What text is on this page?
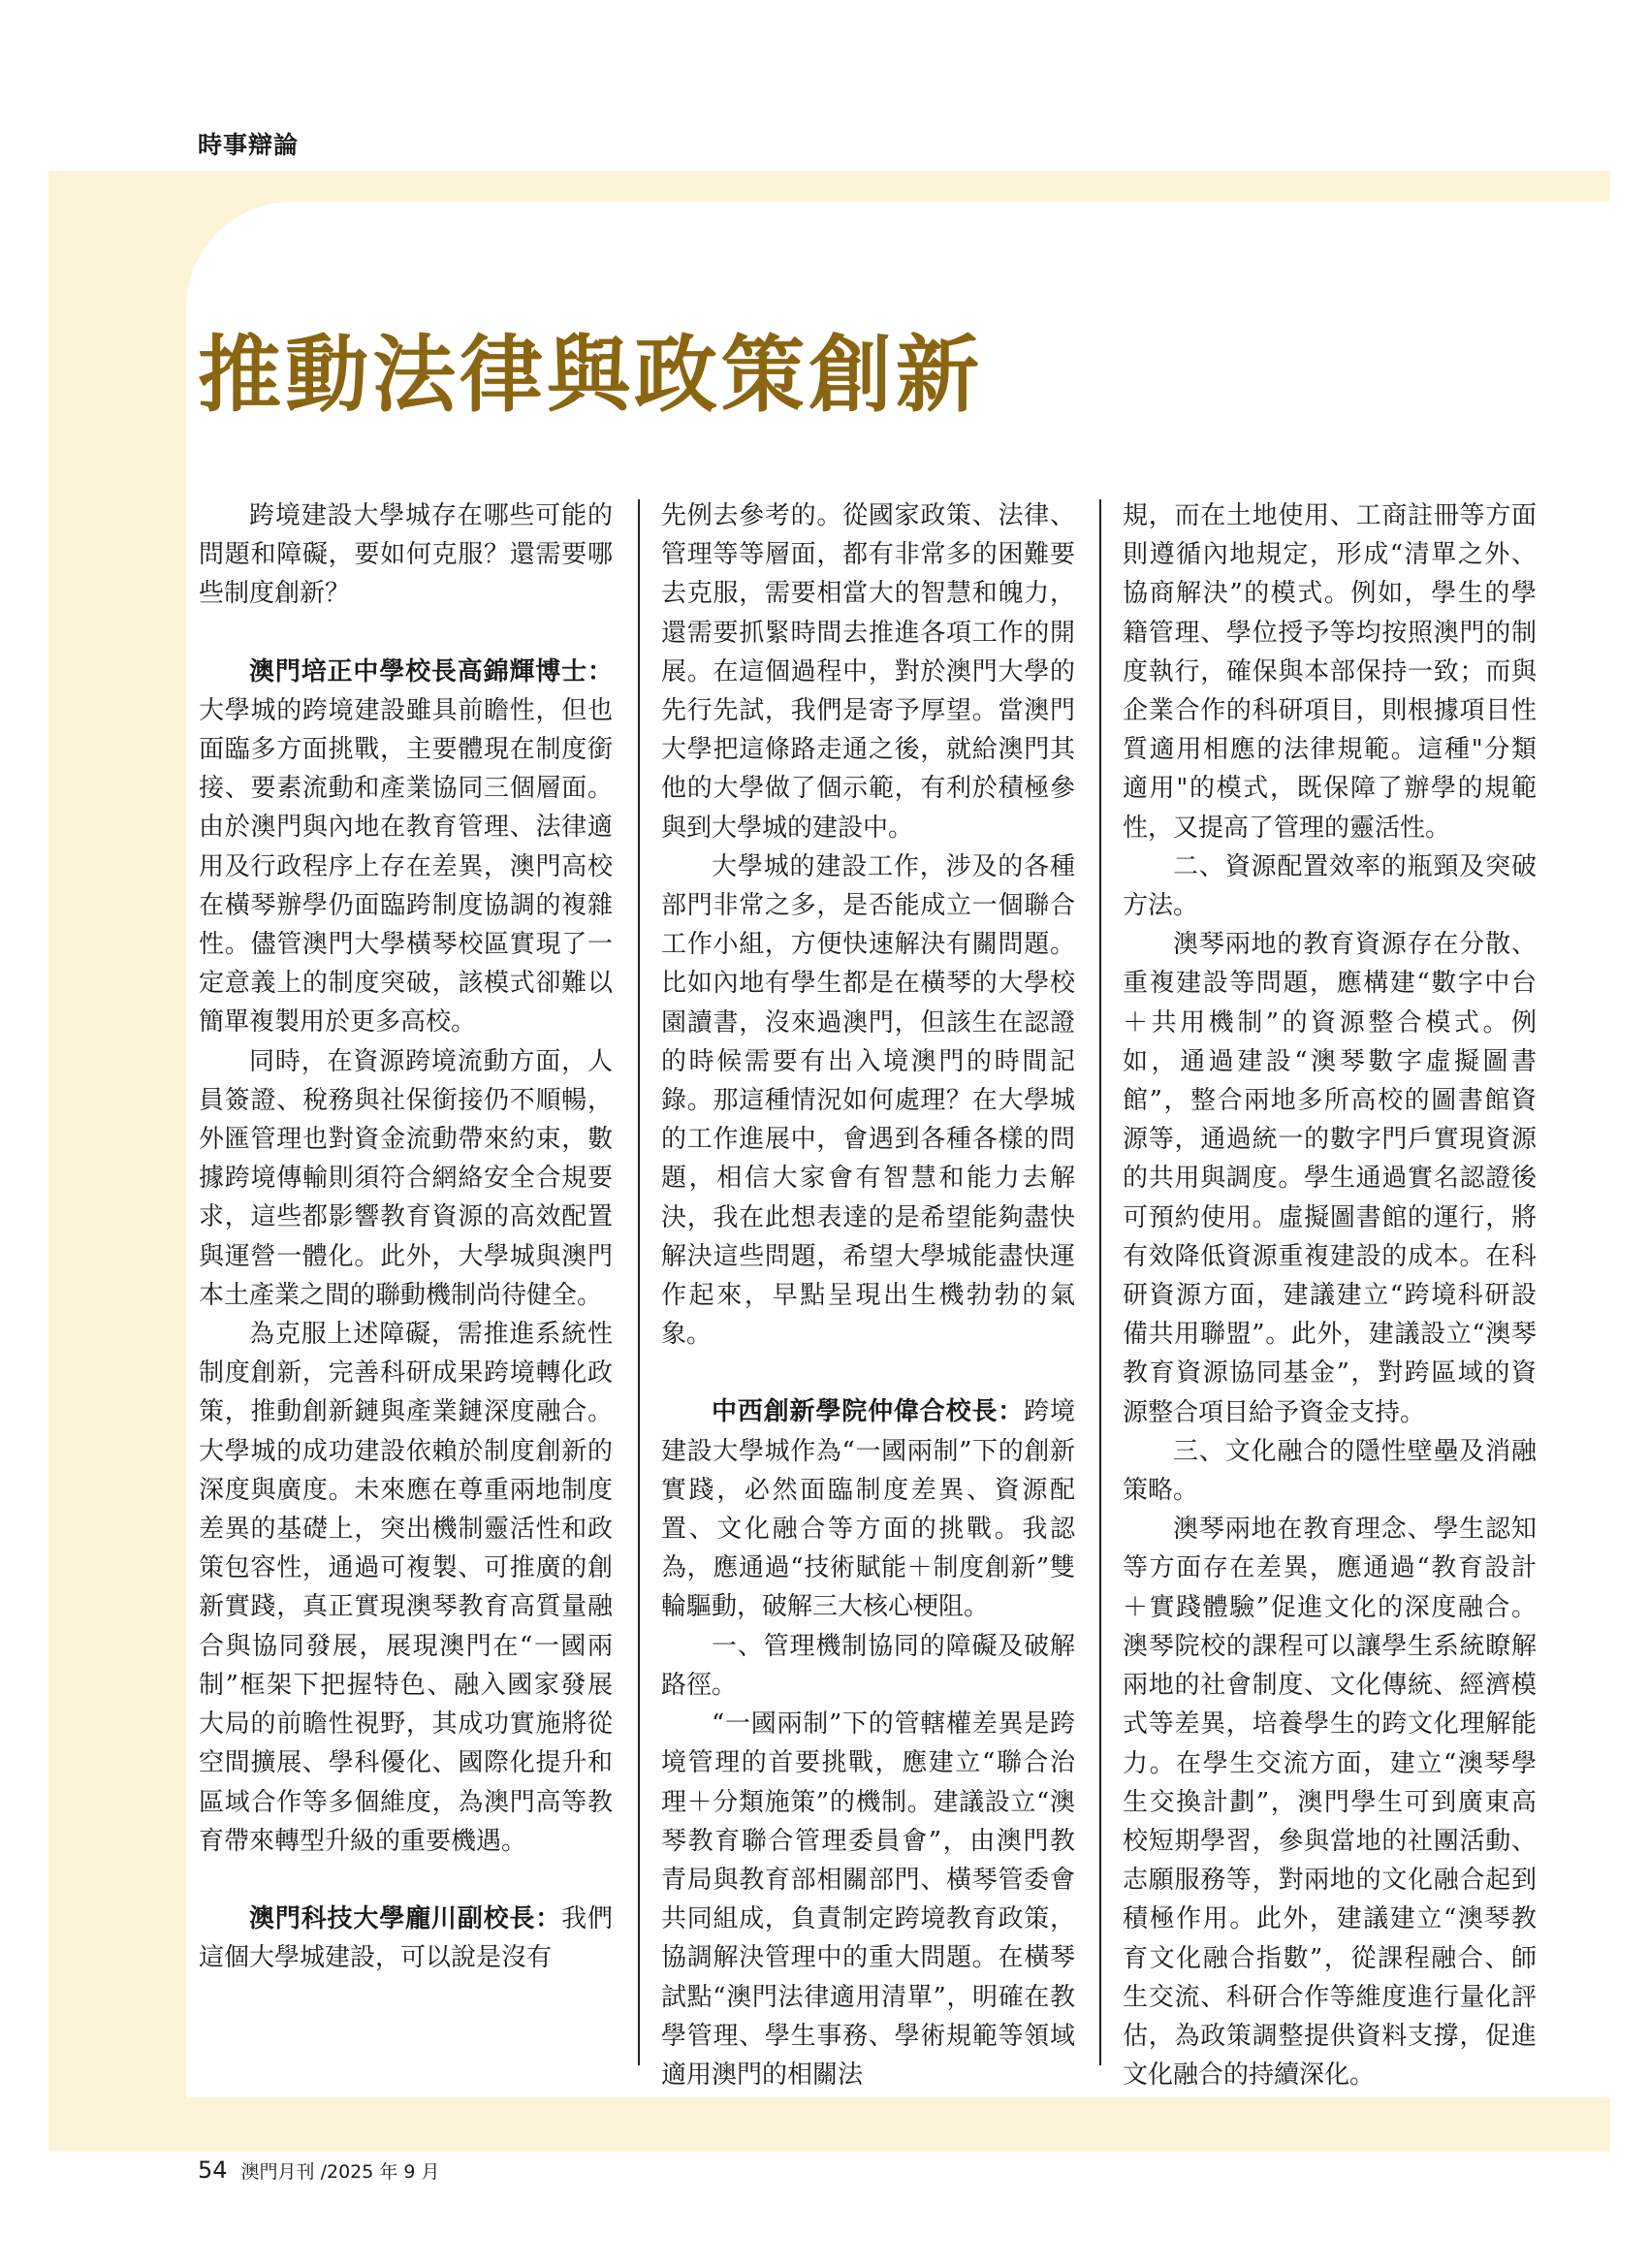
時事辯論
推動法律與政策創新

跨境建設大學城存在哪些可能的問題和障礙，要如何克服？還需要哪些制度創新？

澳門培正中學校長高錦輝博士：大學城的跨境建設雖具前瞻性，但也面臨多方面挑戰，主要體現在制度銜接、要素流動和產業協同三個層面。由於澳門與內地在教育管理、法律適用及行政程序上存在差異，澳門高校在橫琴辦學仍面臨跨制度協調的複雜性。儘管澳門大學橫琴校區實現了一定意義上的制度突破，該模式卻難以簡單複製用於更多高校。

同時，在資源跨境流動方面，人員簽證、稅務與社保銜接仍不順暢，外匯管理也對資金流動帶來約束，數據跨境傳輸則須符合網絡安全合規要求，這些都影響教育資源的高效配置與運營一體化。此外，大學城與澳門本土產業之間的聯動機制尚待健全。

為克服上述障礙，需推進系統性制度創新，完善科研成果跨境轉化政策，推動創新鏈與產業鏈深度融合。大學城的成功建設依賴於制度創新的深度與廣度。未來應在尊重兩地制度差異的基礎上，突出機制靈活性和政策包容性，通過可複製、可推廣的創新實踐，真正實現澳琴教育高質量融合與協同發展，展現澳門在“一國兩制”框架下把握特色、融入國家發展大局的前瞻性視野，其成功實施將從空間擴展、學科優化、國際化提升和區域合作等多個維度，為澳門高等教育帶來轉型升級的重要機遇。

澳門科技大學龐川副校長：我們這個大學城建設，可以說是沒有

先例去參考的。從國家政策、法律、管理等等層面，都有非常多的困難要去克服，需要相當大的智慧和魄力，還需要抓緊時間去推進各項工作的開展。在這個過程中，對於澳門大學的先行先試，我們是寄予厚望。當澳門大學把這條路走通之後，就給澳門其他的大學做了個示範，有利於積極參與到大學城的建設中。

大學城的建設工作，涉及的各種部門非常之多，是否能成立一個聯合工作小組，方便快速解決有關問題。比如內地有學生都是在橫琴的大學校園讀書，沒來過澳門，但該生在認證的時候需要有出入境澳門的時間記錄。那這種情況如何處理？在大學城的工作進展中，會遇到各種各樣的問題，相信大家會有智慧和能力去解決，我在此想表達的是希望能夠盡快解決這些問題，希望大學城能盡快運作起來，早點呈現出生機勃勃的氣象。

中西創新學院仲偉合校長：跨境建設大學城作為“一國兩制”下的創新實踐，必然面臨制度差異、資源配置、文化融合等方面的挑戰。我認為，應通過“技術賦能＋制度創新”雙輪驅動，破解三大核心梗阻。

一、管理機制協同的障礙及破解路徑。

“一國兩制”下的管轄權差異是跨境管理的首要挑戰，應建立“聯合治理＋分類施策”的機制。建議設立“澳琴教育聯合管理委員會”，由澳門教青局與教育部相關部門、橫琴管委會共同組成，負責制定跨境教育政策，協調解決管理中的重大問題。在橫琴試點“澳門法律適用清單”，明確在教學管理、學生事務、學術規範等領域適用澳門的相關法

規，而在土地使用、工商註冊等方面則遵循內地規定，形成“清單之外、協商解決”的模式。例如，學生的學籍管理、學位授予等均按照澳門的制度執行，確保與本部保持一致；而與企業合作的科研項目，則根據項目性質適用相應的法律規範。這種"分類適用"的模式，既保障了辦學的規範性，又提高了管理的靈活性。

二、資源配置效率的瓶頸及突破方法。

澳琴兩地的教育資源存在分散、重複建設等問題，應構建“數字中台＋共用機制”的資源整合模式。例如，通過建設“澳琴數字虛擬圖書館”，整合兩地多所高校的圖書館資源等，通過統一的數字門戶實現資源的共用與調度。學生通過實名認證後可預約使用。虛擬圖書館的運行，將有效降低資源重複建設的成本。在科研資源方面，建議建立“跨境科研設備共用聯盟”。此外，建議設立“澳琴教育資源協同基金”，對跨區域的資源整合項目給予資金支持。

三、文化融合的隱性壁壘及消融策略。

澳琴兩地在教育理念、學生認知等方面存在差異，應通過“教育設計＋實踐體驗”促進文化的深度融合。澳琴院校的課程可以讓學生系統瞭解兩地的社會制度、文化傳統、經濟模式等差異，培養學生的跨文化理解能力。在學生交流方面，建立“澳琴學生交換計劃”，澳門學生可到廣東高校短期學習，參與當地的社團活動、志願服務等，對兩地的文化融合起到積極作用。此外，建議建立“澳琴教育文化融合指數”，從課程融合、師生交流、科研合作等維度進行量化評估，為政策調整提供資料支撐，促進文化融合的持續深化。

54 澳門月刊 /2025 年 9 月
